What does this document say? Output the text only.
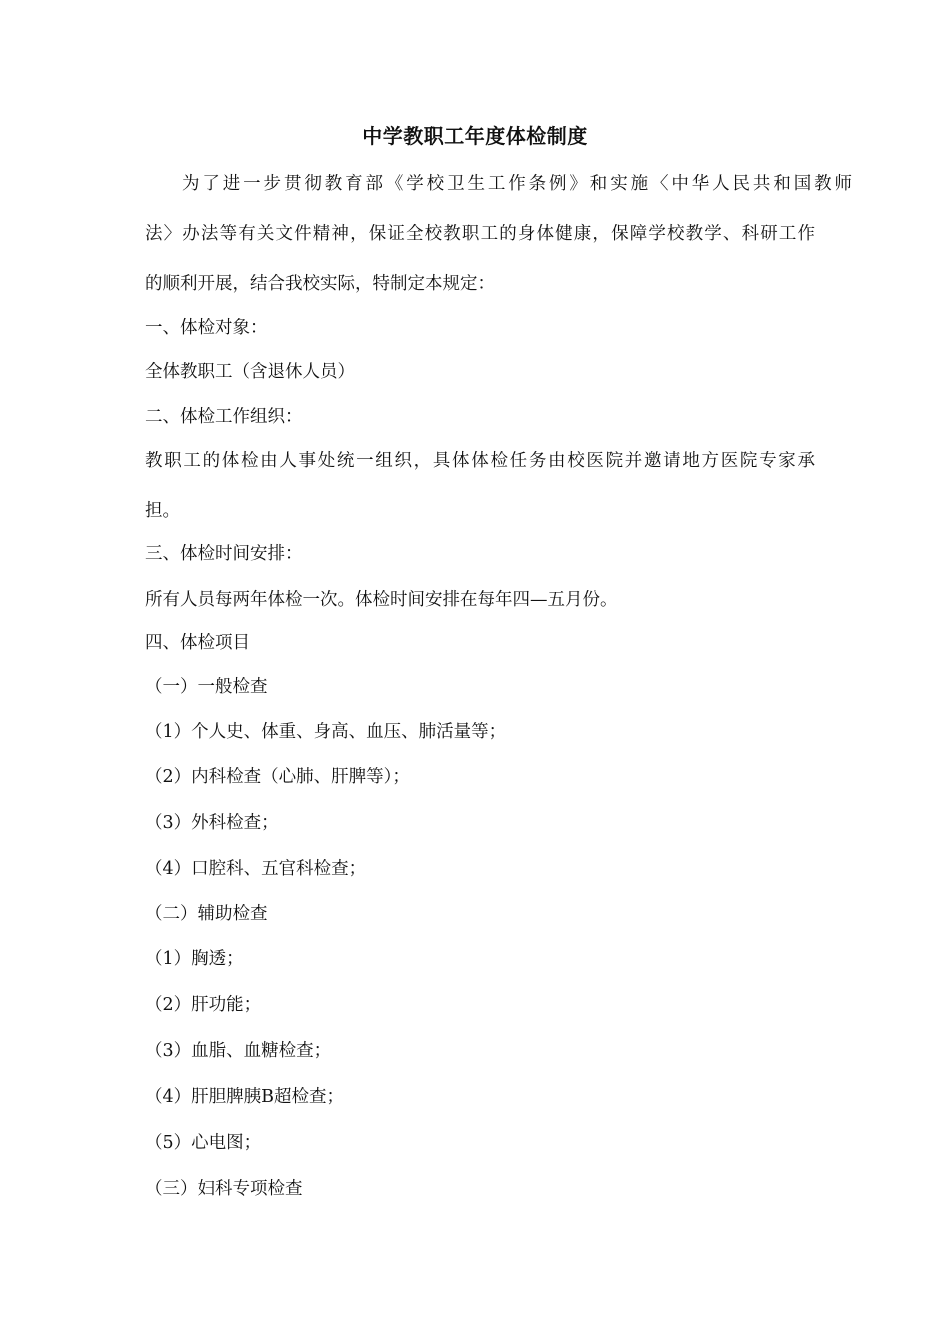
中学教职工年度体检制度
为了进一步贯彻教育部《学校卫生工作条例》和实施〈中华人民共和国教师
法〉办法等有关文件精神，保证全校教职工的身体健康，保障学校教学、科研工作
的顺利开展，结合我校实际，特制定本规定：
一、体检对象：
全体教职工（含退休人员）
二、体检工作组织：
教职工的体检由人事处统一组织，具体体检任务由校医院并邀请地方医院专家承
担。
三、体检时间安排：
所有人员每两年体检一次。体检时间安排在每年四—五月份。
四、体检项目
（一）一般检查
（1）个人史、体重、身高、血压、肺活量等；
（2）内科检查（心肺、肝脾等）；
（3）外科检查；
（4）口腔科、五官科检查；
（二）辅助检查
（1）胸透；
（2）肝功能；
（3）血脂、血糖检查；
（4）肝胆脾胰B超检查；
（5）心电图；
（三）妇科专项检查
